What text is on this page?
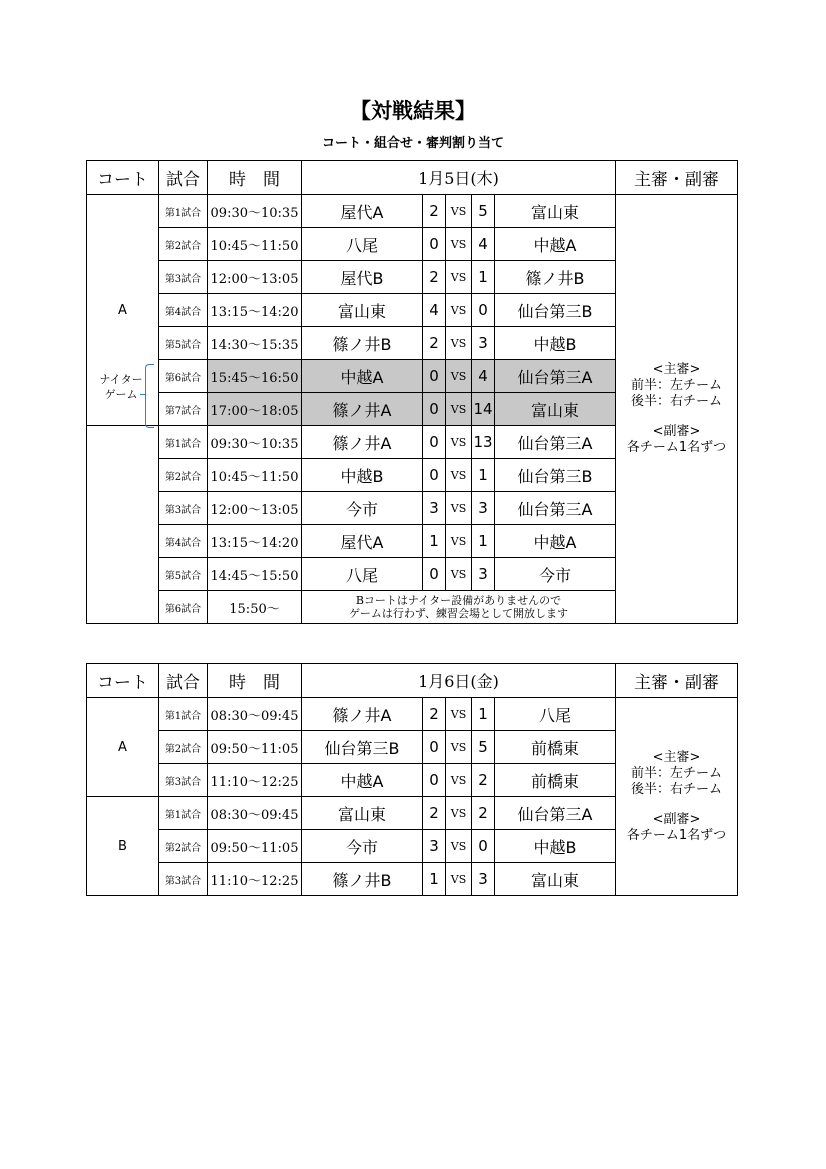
【対戦結果】
コート・組合せ・審判割り当て
コート	試合	時　間	1月5日(木)					主審・副審
A	第1試合	09:30～10:35	屋代A	2	VS	5	富山東	<主審>

前半：左チーム

後半：右チーム

<副審>

各チーム1名ずつ

	第2試合	10:45～11:50	八尾	0	VS	4	中越A	
	第3試合	12:00～13:05	屋代B	2	VS	1	篠ノ井B	
	第4試合	13:15～14:20	富山東	4	VS	0	仙台第三B	
	第5試合	14:30～15:35	篠ノ井B	2	VS	3	中越B	
	第6試合	15:45～16:50	中越A	0	VS	4	仙台第三A	
	第7試合	17:00～18:05	篠ノ井A	0	VS	14	富山東	
	第1試合	09:30～10:35	篠ノ井A	0	VS	13	仙台第三A	
	第2試合	10:45～11:50	中越B	0	VS	1	仙台第三B	
	第3試合	12:00～13:05	今市	3	VS	3	仙台第三A	
	第4試合	13:15～14:20	屋代A	1	VS	1	中越A	
	第5試合	14:45～15:50	八尾	0	VS	3	今市	
	第6試合	15:50～	Bコートはナイター設備がありませんので
ゲームは行わず、練習会場として開放します					
ナイター
ゲーム
コート	試合	時　間	1月6日(金)					主審・副審
A	第1試合	08:30～09:45	篠ノ井A	2	VS	1	八尾	<主審>

前半：左チーム

後半：右チーム

<副審>

各チーム1名ずつ

	第2試合	09:50～11:05	仙台第三B	0	VS	5	前橋東	
	第3試合	11:10～12:25	中越A	0	VS	2	前橋東	
B	第1試合	08:30～09:45	富山東	2	VS	2	仙台第三A	
	第2試合	09:50～11:05	今市	3	VS	0	中越B	
	第3試合	11:10～12:25	篠ノ井B	1	VS	3	富山東	
